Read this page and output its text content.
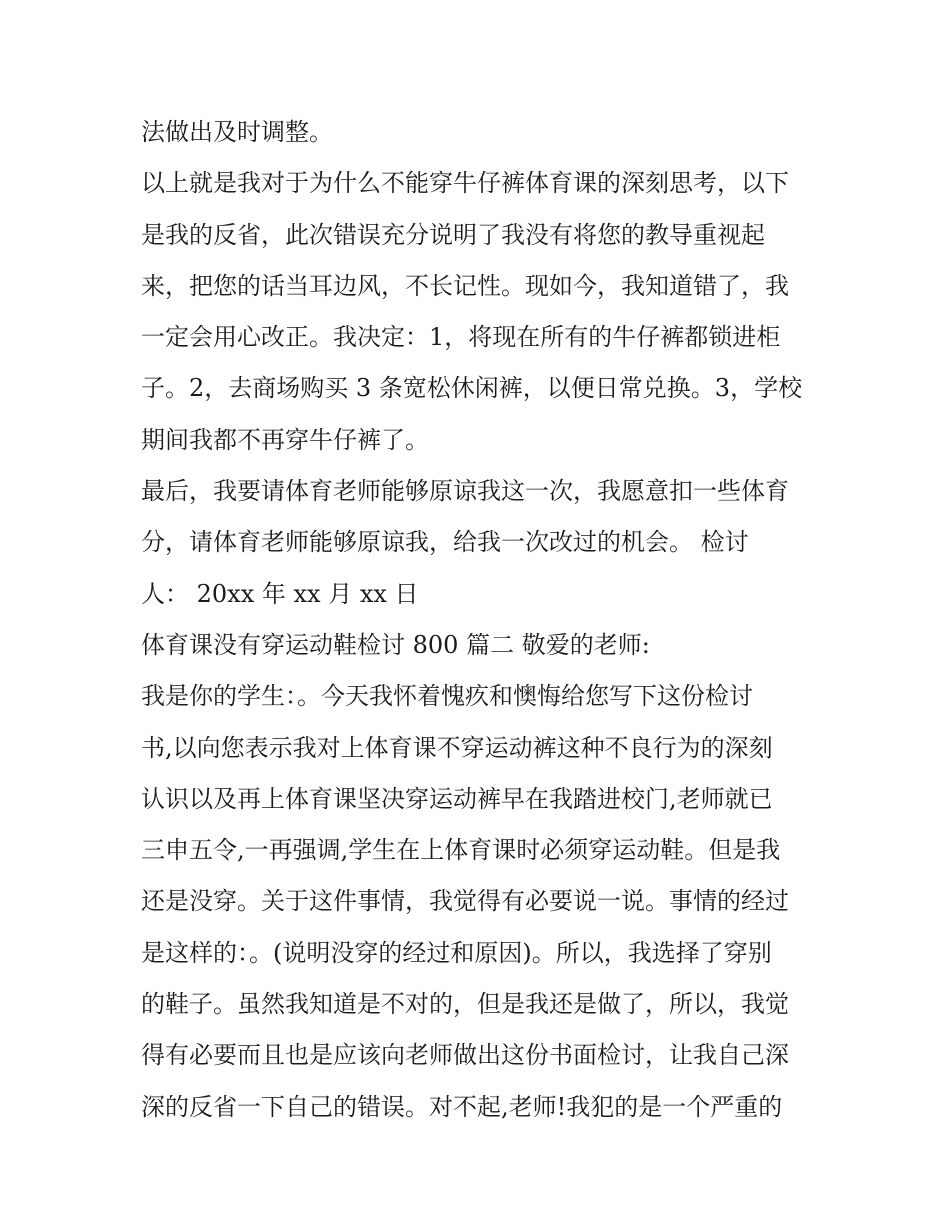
法做出及时调整。
以上就是我对于为什么不能穿牛仔裤体育课的深刻思考，以下
是我的反省，此次错误充分说明了我没有将您的教导重视起
来，把您的话当耳边风，不长记性。现如今，我知道错了，我
一定会用心改正。我决定：1，将现在所有的牛仔裤都锁进柜
子。2，去商场购买 3 条宽松休闲裤，以便日常兑换。3，学校
期间我都不再穿牛仔裤了。
最后，我要请体育老师能够原谅我这一次，我愿意扣一些体育
分，请体育老师能够原谅我，给我一次改过的机会。 检讨
人： 20xx 年 xx 月 xx 日
体育课没有穿运动鞋检讨 800 篇二 敬爱的老师:
我是你的学生：。今天我怀着愧疚和懊悔给您写下这份检讨
书,以向您表示我对上体育课不穿运动裤这种不良行为的深刻
认识以及再上体育课坚决穿运动裤早在我踏进校门,老师就已
三申五令,一再强调,学生在上体育课时必须穿运动鞋。但是我
还是没穿。关于这件事情，我觉得有必要说一说。事情的经过
是这样的：。(说明没穿的经过和原因)。所以，我选择了穿别
的鞋子。虽然我知道是不对的，但是我还是做了，所以，我觉
得有必要而且也是应该向老师做出这份书面检讨，让我自己深
深的反省一下自己的错误。对不起,老师!我犯的是一个严重的
